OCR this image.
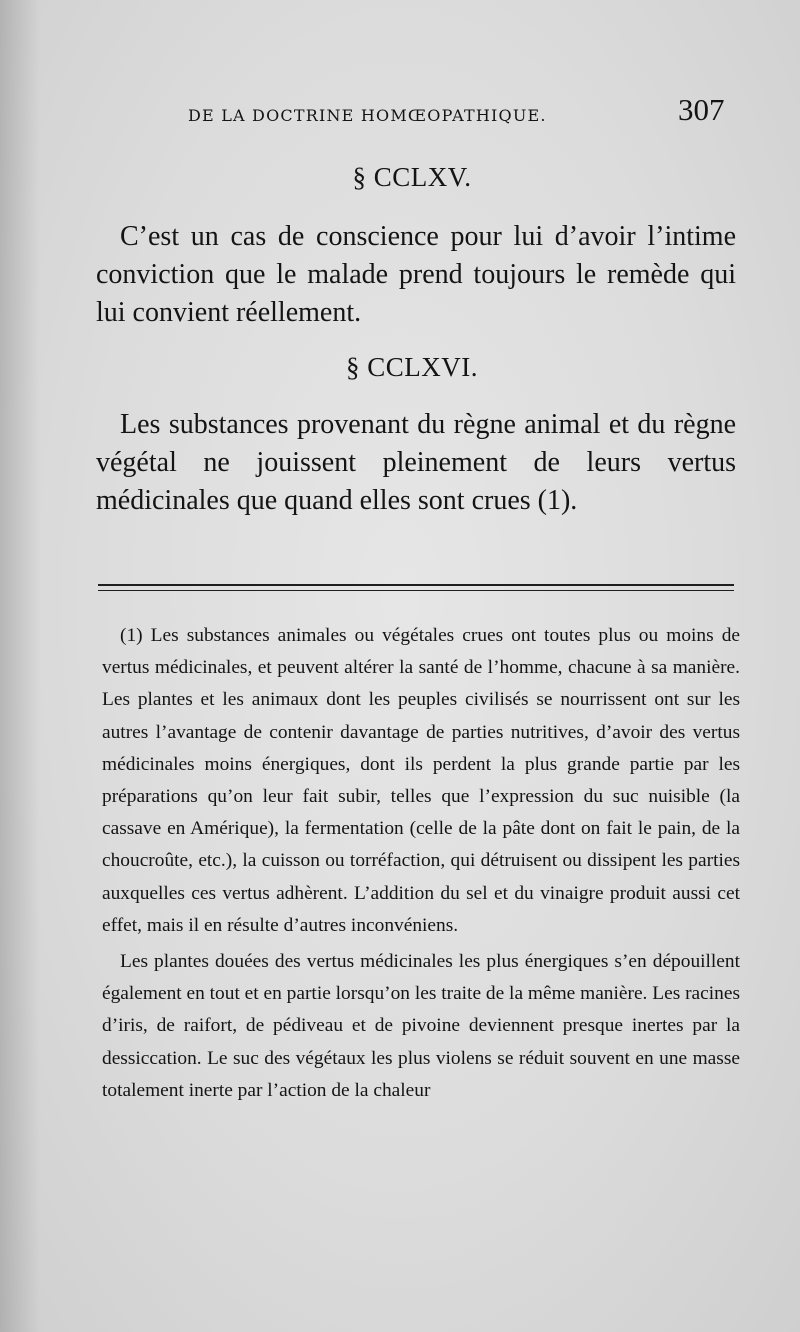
DE LA DOCTRINE HOMŒOPATHIQUE.	307
§ CCLXV.

C’est un cas de conscience pour lui d’avoir l’intime conviction que le malade prend toujours le remède qui lui convient réellement.

§ CCLXVI.

Les substances provenant du règne animal et du règne végétal ne jouissent pleinement de leurs vertus médicinales que quand elles sont crues (1).

(1) Les substances animales ou végétales crues ont toutes plus ou moins de vertus médicinales, et peuvent altérer la santé de l’homme, chacune à sa manière. Les plantes et les animaux dont les peuples civilisés se nourrissent ont sur les autres l’avantage de contenir davantage de parties nutritives, d’avoir des vertus médicinales moins énergiques, dont ils perdent la plus grande partie par les préparations qu’on leur fait subir, telles que l’expression du suc nuisible (la cassave en Amérique), la fermentation (celle de la pâte dont on fait le pain, de la choucroûte, etc.), la cuisson ou torréfaction, qui détruisent ou dissipent les parties auxquelles ces vertus adhèrent. L’addition du sel et du vinaigre produit aussi cet effet, mais il en résulte d’autres inconvéniens.

Les plantes douées des vertus médicinales les plus énergiques s’en dépouillent également en tout et en partie lorsqu’on les traite de la même manière. Les racines d’iris, de raifort, de pédiveau et de pivoine deviennent presque inertes par la dessiccation. Le suc des végétaux les plus violens se réduit souvent en une masse totalement inerte par l’action de la chaleur
